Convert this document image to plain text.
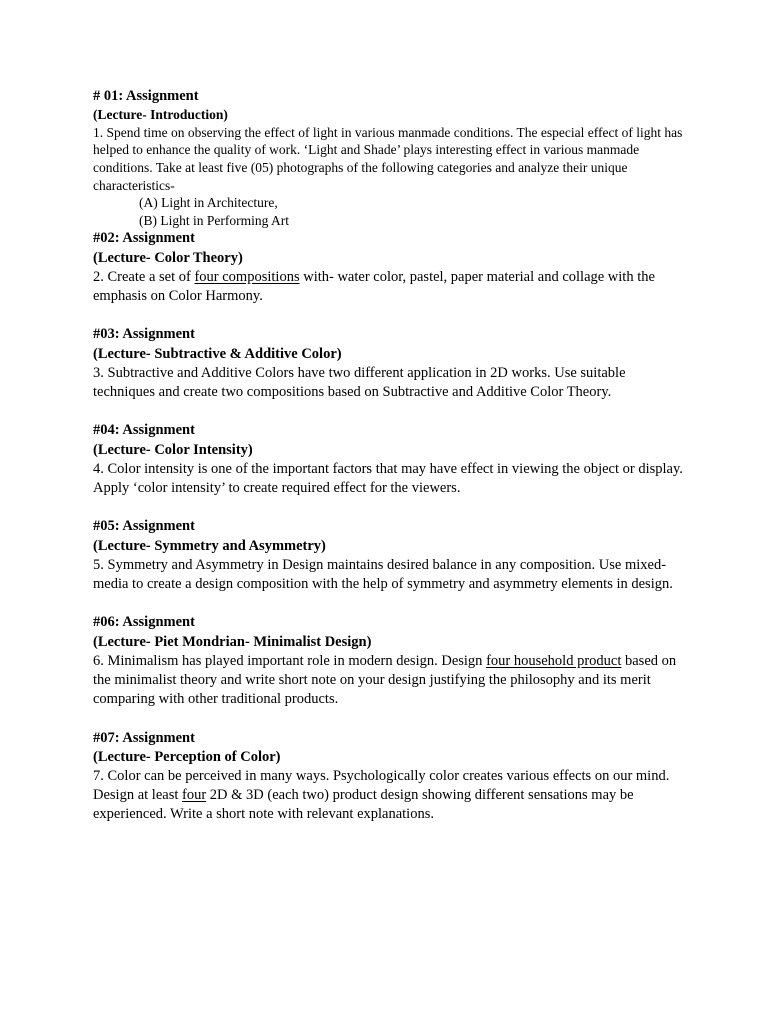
# 01: Assignment
(Lecture- Introduction)
1. Spend time on observing the effect of light in various manmade conditions. The especial effect of light has helped to enhance the quality of work. ‘Light and Shade’ plays interesting effect in various manmade conditions. Take at least five (05) photographs of the following categories and analyze their unique characteristics-
(A) Light in Architecture,
(B) Light in Performing Art
#02: Assignment
(Lecture- Color Theory)
2. Create a set of four compositions with- water color, pastel, paper material and collage with the emphasis on Color Harmony.
#03: Assignment
(Lecture- Subtractive & Additive Color)
3. Subtractive and Additive Colors have two different application in 2D works. Use suitable techniques and create two compositions based on Subtractive and Additive Color Theory.
#04: Assignment
(Lecture- Color Intensity)
4. Color intensity is one of the important factors that may have effect in viewing the object or display. Apply ‘color intensity’ to create required effect for the viewers.
#05: Assignment
(Lecture- Symmetry and Asymmetry)
5. Symmetry and Asymmetry in Design maintains desired balance in any composition. Use mixed-media to create a design composition with the help of symmetry and asymmetry elements in design.
#06: Assignment
(Lecture- Piet Mondrian- Minimalist Design)
6. Minimalism has played important role in modern design. Design four household product based on the minimalist theory and write short note on your design justifying the philosophy and its merit comparing with other traditional products.
#07: Assignment
(Lecture- Perception of Color)
7. Color can be perceived in many ways. Psychologically color creates various effects on our mind. Design at least four 2D & 3D (each two) product design showing different sensations may be experienced. Write a short note with relevant explanations.
